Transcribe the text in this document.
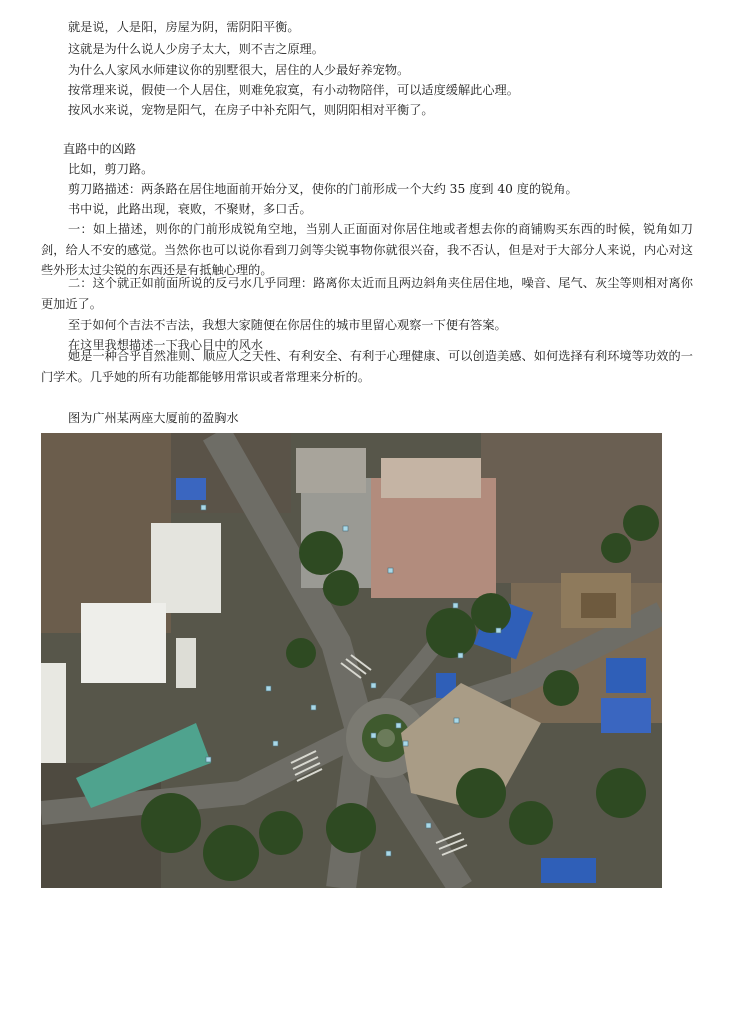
就是说，人是阳，房屋为阴，需阴阳平衡。
这就是为什么说人少房子太大，则不吉之原理。
为什么人家风水师建议你的别墅很大，居住的人少最好养宠物。
按常理来说，假使一个人居住，则难免寂寞，有小动物陪伴，可以适度缓解此心理。
按风水来说，宠物是阳气，在房子中补充阳气，则阴阳相对平衡了。
直路中的凶路
比如，剪刀路。
剪刀路描述：两条路在居住地面前开始分叉，使你的门前形成一个大约 35 度到 40 度的锐角。
书中说，此路出现，衰败，不聚财，多口舌。
一：如上描述，则你的门前形成锐角空地，当别人正面面对你居住地或者想去你的商铺购买东西的时候，锐角如刀剑，给人不安的感觉。当然你也可以说你看到刀剑等尖锐事物你就很兴奋，我不否认，但是对于大部分人来说，内心对这些外形太过尖锐的东西还是有抵触心理的。
二：这个就正如前面所说的反弓水几乎同理：路离你太近而且两边斜角夹住居住地，噪音、尾气、灰尘等则相对离你更加近了。
至于如何个吉法不吉法，我想大家随便在你居住的城市里留心观察一下便有答案。
在这里我想描述一下我心目中的风水
她是一种合乎自然准则、顺应人之天性、有利安全、有利于心理健康、可以创造美感、如何选择有利环境等功效的一门学术。几乎她的所有功能都能够用常识或者常理来分析的。
图为广州某两座大厦前的盈胸水
